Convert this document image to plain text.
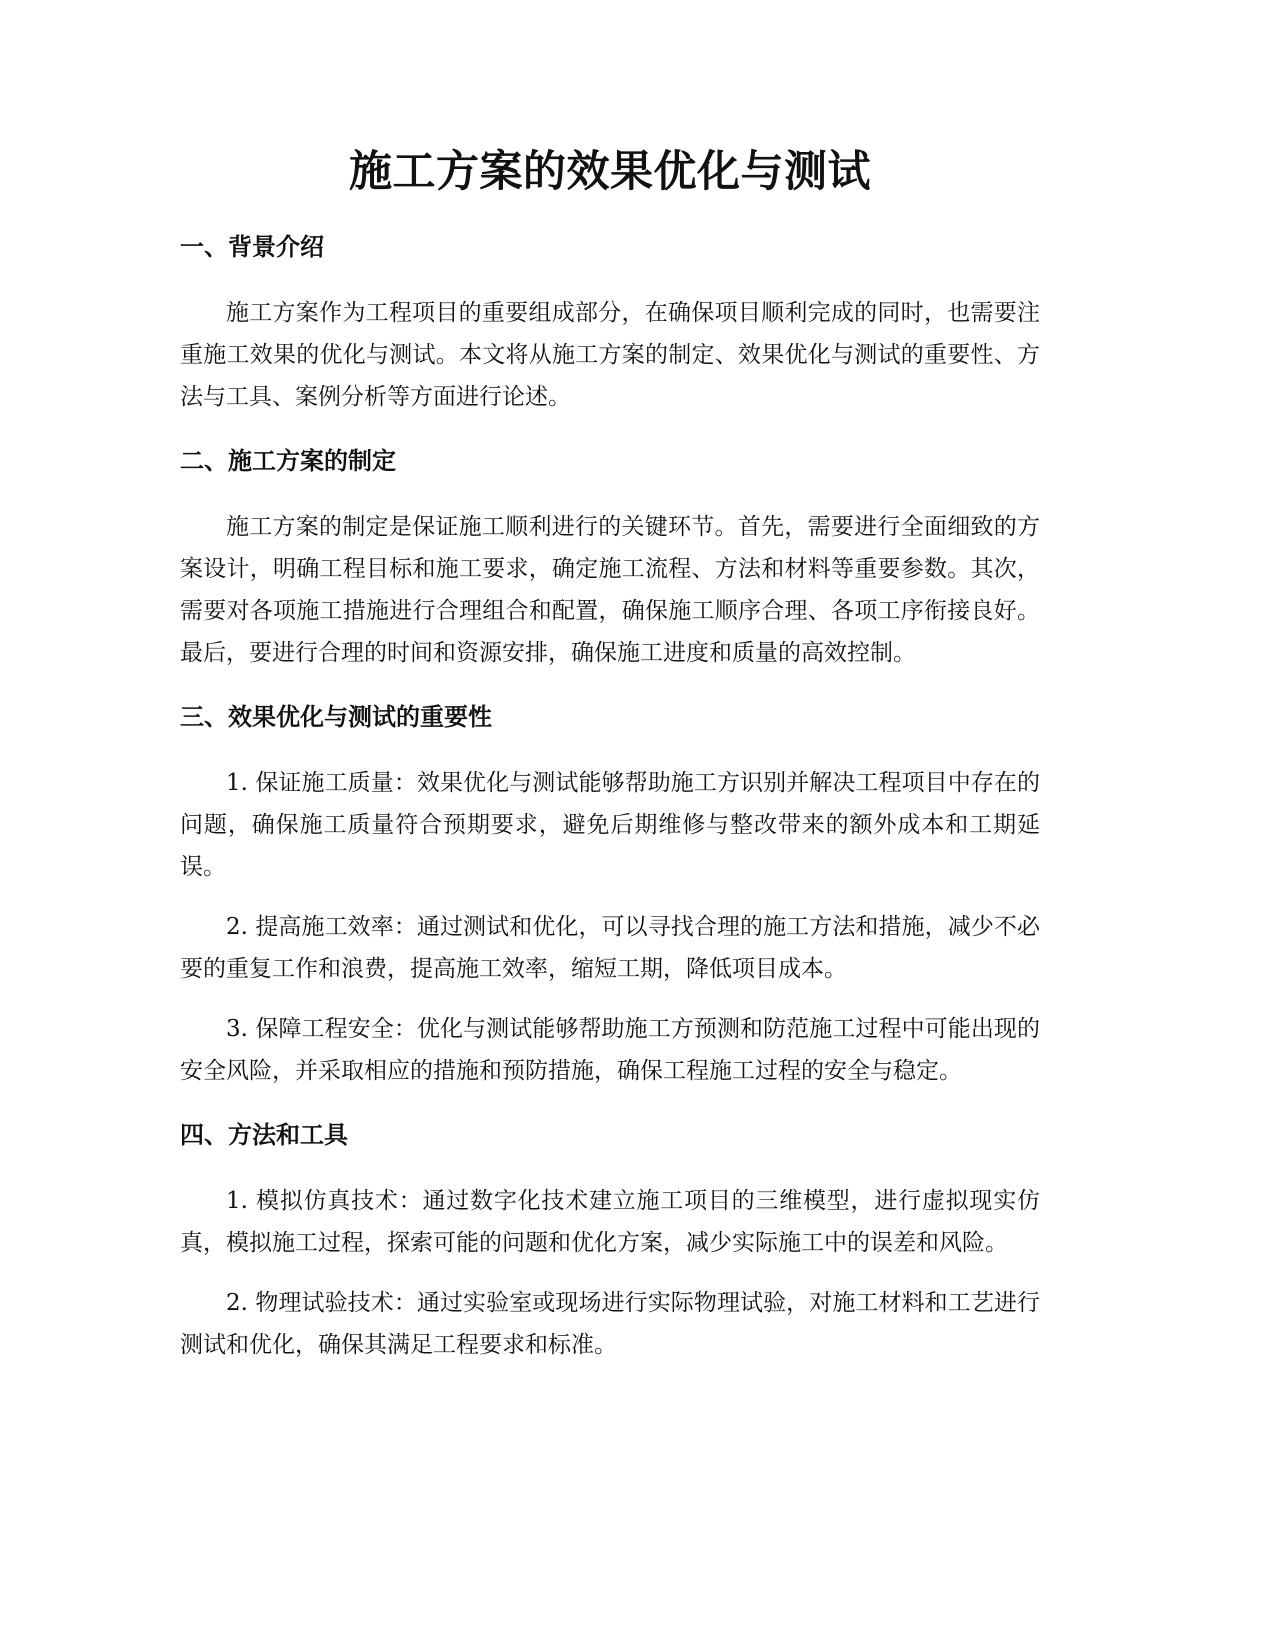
施工方案的效果优化与测试
一、背景介绍

施工方案作为工程项目的重要组成部分，在确保项目顺利完成的同时，也需要注重施工效果的优化与测试。本文将从施工方案的制定、效果优化与测试的重要性、方法与工具、案例分析等方面进行论述。

二、施工方案的制定

施工方案的制定是保证施工顺利进行的关键环节。首先，需要进行全面细致的方案设计，明确工程目标和施工要求，确定施工流程、方法和材料等重要参数。其次，需要对各项施工措施进行合理组合和配置，确保施工顺序合理、各项工序衔接良好。最后，要进行合理的时间和资源安排，确保施工进度和质量的高效控制。

三、效果优化与测试的重要性

1. 保证施工质量：效果优化与测试能够帮助施工方识别并解决工程项目中存在的问题，确保施工质量符合预期要求，避免后期维修与整改带来的额外成本和工期延误。

2. 提高施工效率：通过测试和优化，可以寻找合理的施工方法和措施，减少不必要的重复工作和浪费，提高施工效率，缩短工期，降低项目成本。

3. 保障工程安全：优化与测试能够帮助施工方预测和防范施工过程中可能出现的安全风险，并采取相应的措施和预防措施，确保工程施工过程的安全与稳定。

四、方法和工具

1. 模拟仿真技术：通过数字化技术建立施工项目的三维模型，进行虚拟现实仿真，模拟施工过程，探索可能的问题和优化方案，减少实际施工中的误差和风险。

2. 物理试验技术：通过实验室或现场进行实际物理试验，对施工材料和工艺进行测试和优化，确保其满足工程要求和标准。
